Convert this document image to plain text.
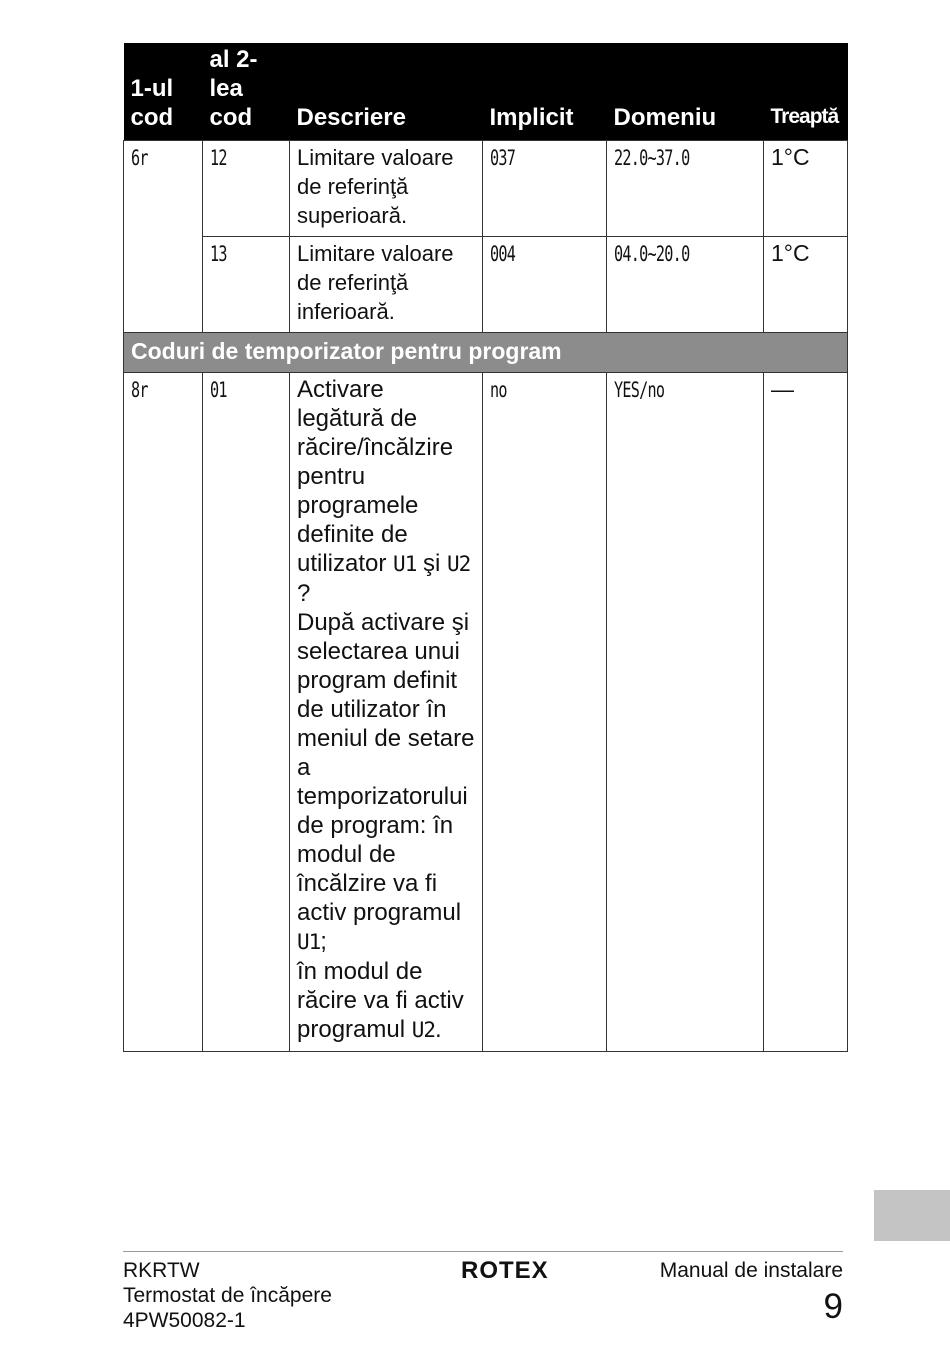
1-ul
cod	al 2-
lea
cod	Descriere	Implicit	Domeniu	Treaptă
6r	12	Limitare valoare de referinţă superioară.	037	22.0~37.0	1°C
	13	Limitare valoare de referinţă inferioară.	004	04.0~20.0	1°C
Coduri de temporizator pentru program					
8r	01	Activare legătură de răcire/încălzire pentru programele definite de utilizator U1 şi U2?
După activare şi selectarea unui program definit de utilizator în meniul de setare a temporizatorului de program: în modul de încălzire va fi activ programul U1;
în modul de răcire va fi activ programul U2.	no	YES/no	—
RKRTW
Termostat de încăpere
4PW50082-1
ROTEX	Manual de instalare
9
